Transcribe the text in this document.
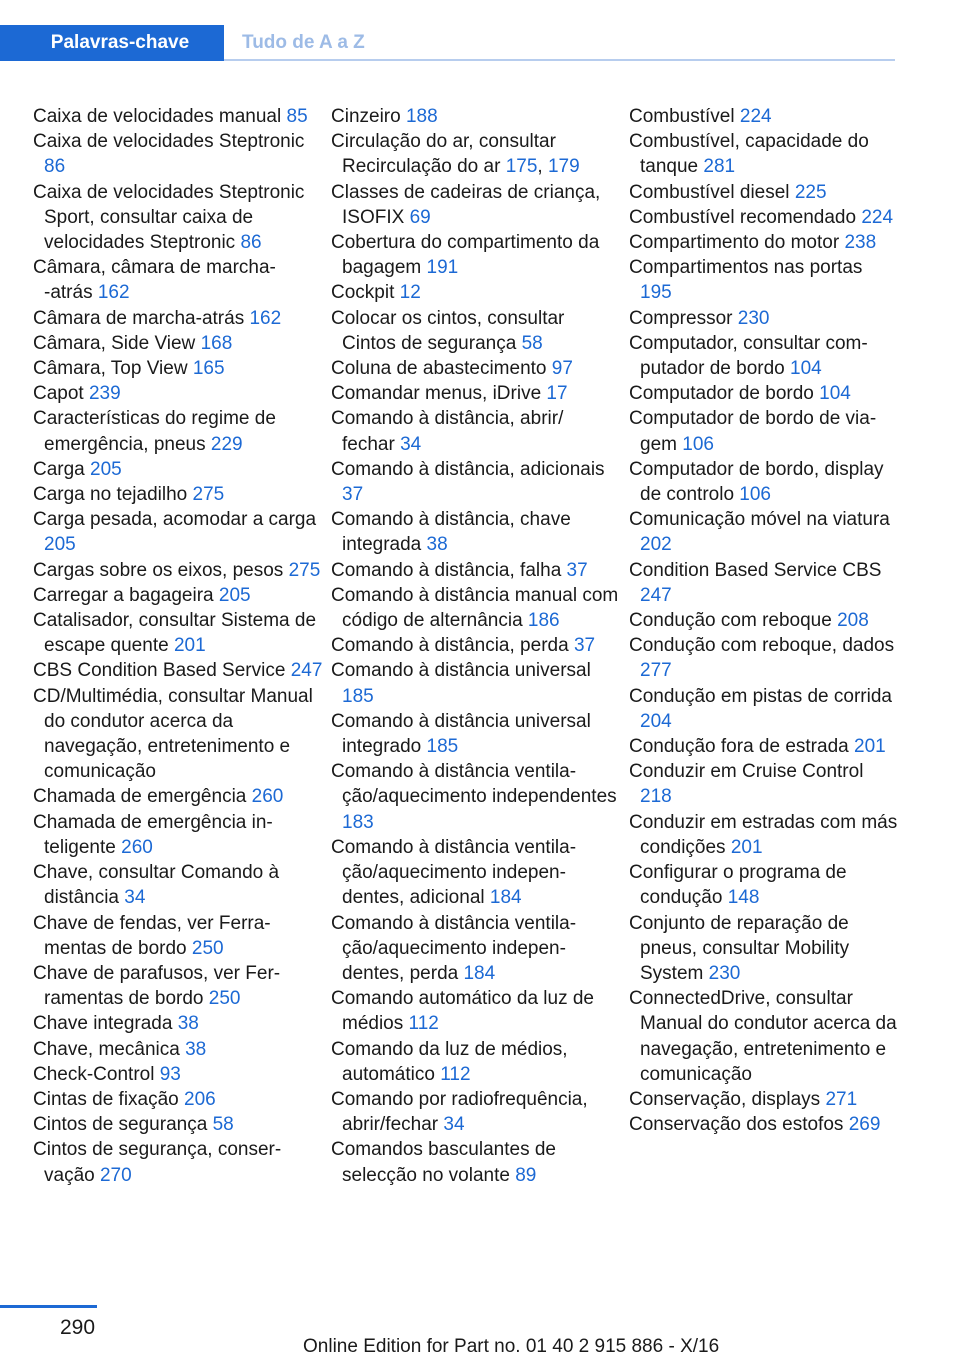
Palavras-chave	Tudo de A a Z
Caixa de velocidades manual 85
Caixa de velocidades Steptronic 86
Caixa de velocidades Steptronic Sport, consultar caixa de velocidades Steptronic 86
Câmara, câmara de marcha-‑atrás 162
Câmara de marcha-atrás 162
Câmara, Side View 168
Câmara, Top View 165
Capot 239
Características do regime de emergência, pneus 229
Carga 205
Carga no tejadilho 275
Carga pesada, acomodar a carga 205
Cargas sobre os eixos, pesos 275
Carregar a bagageira 205
Catalisador, consultar Sistema de escape quente 201
CBS Condition Based Service 247
CD/Multimédia, consultar Manual do condutor acerca da navegação, entretenimento e comunicação
Chamada de emergência 260
Chamada de emergência inteligente 260
Chave, consultar Comando à distância 34
Chave de fendas, ver Ferramentas de bordo 250
Chave de parafusos, ver Ferramentas de bordo 250
Chave integrada 38
Chave, mecânica 38
Check-Control 93
Cintas de fixação 206
Cintos de segurança 58
Cintos de segurança, conservação 270
Cinzeiro 188
Circulação do ar, consultar Recirculação do ar 175, 179
Classes de cadeiras de criança, ISOFIX 69
Cobertura do compartimento da bagagem 191
Cockpit 12
Colocar os cintos, consultar Cintos de segurança 58
Coluna de abastecimento 97
Comandar menus, iDrive 17
Comando à distância, abrir/ fechar 34
Comando à distância, adicionais 37
Comando à distância, chave integrada 38
Comando à distância, falha 37
Comando à distância manual com código de alternância 186
Comando à distância, perda 37
Comando à distância universal 185
Comando à distância universal integrado 185
Comando à distância ventilação/aquecimento independentes 183
Comando à distância ventilação/aquecimento independentes, adicional 184
Comando à distância ventilação/aquecimento independentes, perda 184
Comando automático da luz de médios 112
Comando da luz de médios, automático 112
Comando por radiofrequência, abrir/fechar 34
Comandos basculantes de selecção no volante 89
Combustível 224
Combustível, capacidade do tanque 281
Combustível diesel 225
Combustível recomendado 224
Compartimento do motor 238
Compartimentos nas portas 195
Compressor 230
Computador, consultar computador de bordo 104
Computador de bordo 104
Computador de bordo de viagem 106
Computador de bordo, display de controlo 106
Comunicação móvel na viatura 202
Condition Based Service CBS 247
Condução com reboque 208
Condução com reboque, dados 277
Condução em pistas de corrida 204
Condução fora de estrada 201
Conduzir em Cruise Control 218
Conduzir em estradas com más condições 201
Configurar o programa de condução 148
Conjunto de reparação de pneus, consultar Mobility System 230
ConnectedDrive, consultar Manual do condutor acerca da navegação, entretenimento e comunicação
Conservação, displays 271
Conservação dos estofos 269
290
Online Edition for Part no. 01 40 2 915 886 - X/16
